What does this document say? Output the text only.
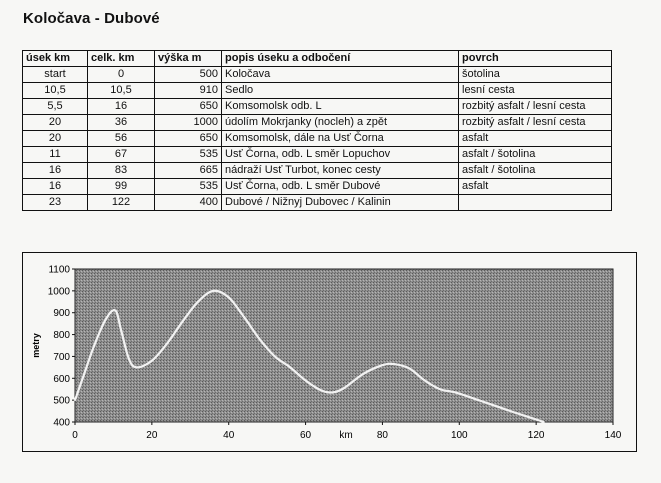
Koločava - Dubové
úsek km	celk. km	výška m	popis úseku a odbočení	povrch
start	0	500	Koločava	šotolina
10,5	10,5	910	Sedlo	lesní cesta
5,5	16	650	Komsomolsk odb. L	rozbitý asfalt / lesní cesta
20	36	1000	údolím Mokrjanky (nocleh) a zpět	rozbitý asfalt / lesní cesta
20	56	650	Komsomolsk, dále na Usť Čorna	asfalt
11	67	535	Usť Čorna, odb. L směr Lopuchov	asfalt / šotolina
16	83	665	nádraží Usť Turbot, konec cesty	asfalt / šotolina
16	99	535	Usť Čorna, odb. L směr Dubové	asfalt
23	122	400	Dubové / Nižnyj Dubovec / Kalinin	
400
500
600
700
800
900
1000
1100
0	20	40	60	80	100	120	140
metry
km
